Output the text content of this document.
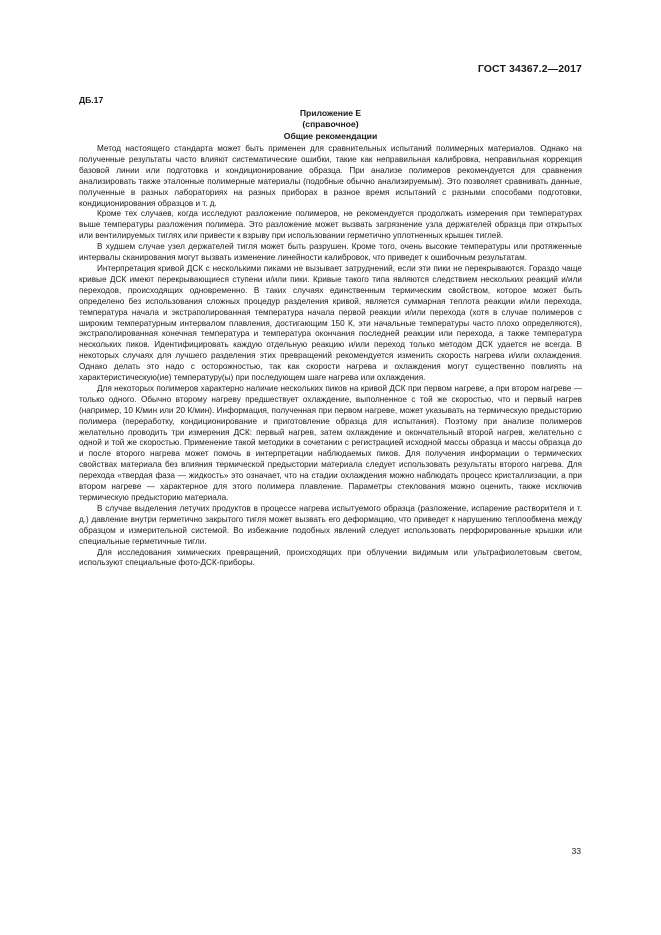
ГОСТ 34367.2—2017
ДБ.17
Приложение Е
(справочное)
Общие рекомендации

Метод настоящего стандарта может быть применен для сравнительных испытаний полимерных материалов. Однако на полученные результаты часто влияют систематические ошибки, такие как неправильная калибровка, неправильная коррекция базовой линии или подготовка и кондиционирование образца. При анализе полимеров рекомендуется для сравнения анализировать также эталонные полимерные материалы (подобные обычно анализируемым). Это позволяет сравнивать данные, полученные в разных лабораториях на разных приборах в разное время испытаний с разными способами подготовки, кондиционирования образцов и т. д.

Кроме тех случаев, когда исследуют разложение полимеров, не рекомендуется продолжать измерения при температурах выше температуры разложения полимера. Это разложение может вызвать загрязнение узла держателей образца при открытых или вентилируемых тиглях или привести к взрыву при использовании герметично уплотненных крышек тиглей.

В худшем случае узел держателей тигля может быть разрушен. Кроме того, очень высокие температуры или протяженные интервалы сканирования могут вызвать изменение линейности калибровок, что приведет к ошибочным результатам.

Интерпретация кривой ДСК с несколькими пиками не вызывает затруднений, если эти пики не перекрываются. Гораздо чаще кривые ДСК имеют перекрывающиеся ступени и/или пики. Кривые такого типа являются следствием нескольких реакций и/или переходов, происходящих одновременно. В таких случаях единственным термическим свойством, которое может быть определено без использования сложных процедур разделения кривой, является суммарная теплота реакции и/или перехода, температура начала и экстраполированная температура начала первой реакции и/или перехода (хотя в случае полимеров с широким температурным интервалом плавления, достигающим 150 К, эти начальные температуры часто плохо определяются), экстраполированная конечная температура и температура окончания последней реакции или перехода, а также температура нескольких пиков. Идентифицировать каждую отдельную реакцию и/или переход только методом ДСК удается не всегда. В некоторых случаях для лучшего разделения этих превращений рекомендуется изменить скорость нагрева и/или охлаждения. Однако делать это надо с осторожностью, так как скорости нагрева и охлаждения могут существенно повлиять на характеристическую(ие) температуру(ы) при последующем шаге нагрева или охлаждения.

Для некоторых полимеров характерно наличие нескольких пиков на кривой ДСК при первом нагреве, а при втором нагреве — только одного. Обычно второму нагреву предшествует охлаждение, выполненное с той же скоростью, что и первый нагрев (например, 10 К/мин или 20 К/мин). Информация, полученная при первом нагреве, может указывать на термическую предысторию полимера (переработку, кондиционирование и приготовление образца для испытания). Поэтому при анализе полимеров желательно проводить три измерения ДСК: первый нагрев, затем охлаждение и окончательный второй нагрев, желательно с одной и той же скоростью. Применение такой методики в сочетании с регистрацией исходной массы образца и массы образца до и после второго нагрева может помочь в интерпретации наблюдаемых пиков. Для получения информации о термических свойствах материала без влияния термической предыстории материала следует использовать результаты второго нагрева. Для перехода «твердая фаза — жидкость» это означает, что на стадии охлаждения можно наблюдать процесс кристаллизации, а при втором нагреве — характерное для этого полимера плавление. Параметры стеклования можно оценить, также исключив термическую предысторию материала.

В случае выделения летучих продуктов в процессе нагрева испытуемого образца (разложение, испарение растворителя и т. д.) давление внутри герметично закрытого тигля может вызвать его деформацию, что приведет к нарушению теплообмена между образцом и измерительной системой. Во избежание подобных явлений следует использовать перфорированные крышки или специальные герметичные тигли.

Для исследования химических превращений, происходящих при облучении видимым или ультрафиолетовым светом, используют специальные фото-ДСК-приборы.

33
